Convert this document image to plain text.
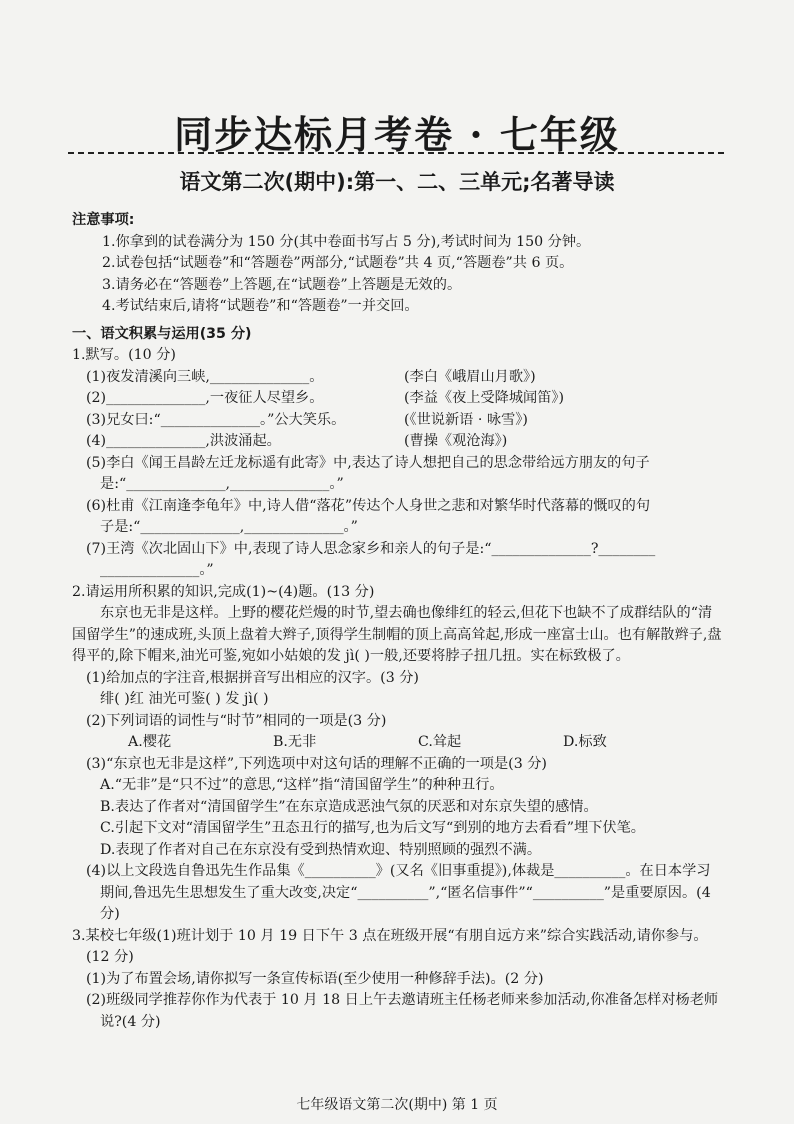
同步达标月考卷 · 七年级
语文第二次(期中):第一、二、三单元;名著导读
注意事项:
1.你拿到的试卷满分为 150 分(其中卷面书写占 5 分),考试时间为 150 分钟。
2.试卷包括“试题卷”和“答题卷”两部分,“试题卷”共 4 页,“答题卷”共 6 页。
3.请务必在“答题卷”上答题,在“试题卷”上答题是无效的。
4.考试结束后,请将“试题卷”和“答题卷”一并交回。
一、语文积累与运用(35 分)
1.默写。(10 分)
(1)夜发清溪向三峡,______________。	(李白《峨眉山月歌》)
(2)______________,一夜征人尽望乡。	(李益《夜上受降城闻笛》)
(3)兄女曰:“______________。”公大笑乐。	(《世说新语 · 咏雪》)
(4)______________,洪波涌起。	(曹操《观沧海》)
(5)李白《闻王昌龄左迁龙标遥有此寄》中,表达了诗人想把自己的思念带给远方朋友的句子
是:“______________,______________。”
(6)杜甫《江南逢李龟年》中,诗人借“落花”传达个人身世之悲和对繁华时代落幕的慨叹的句
子是:“______________,______________。”
(7)王湾《次北固山下》中,表现了诗人思念家乡和亲人的句子是:“______________?________
______________。”
2.请运用所积累的知识,完成(1)~(4)题。(13 分)
东京也无非是这样。上野的樱花烂熳的时节,望去确也像绯红的轻云,但花下也缺不了成群结队的“清国留学生”的速成班,头顶上盘着大辫子,顶得学生制帽的顶上高高耸起,形成一座富士山。也有解散辫子,盘得平的,除下帽来,油光可鉴,宛如小姑娘的发 jì( )一般,还要将脖子扭几扭。实在标致极了。
(1)给加点的字注音,根据拼音写出相应的汉字。(3 分)
绯( )红 油光可鉴( ) 发 jì( )
(2)下列词语的词性与“时节”相同的一项是(3 分)
A.樱花	B.无非	C.耸起	D.标致
(3)“东京也无非是这样”,下列选项中对这句话的理解不正确的一项是(3 分)
A.“无非”是“只不过”的意思,“这样”指“清国留学生”的种种丑行。
B.表达了作者对“清国留学生”在东京造成恶浊气氛的厌恶和对东京失望的感情。
C.引起下文对“清国留学生”丑态丑行的描写,也为后文写“到别的地方去看看”埋下伏笔。
D.表现了作者对自己在东京没有受到热情欢迎、特别照顾的强烈不满。
(4)以上文段选自鲁迅先生作品集《__________》(又名《旧事重提》),体裁是__________。在日本学习期间,鲁迅先生思想发生了重大改变,决定“__________”,“匿名信事件”“__________”是重要原因。(4 分)
3.某校七年级(1)班计划于 10 月 19 日下午 3 点在班级开展“有朋自远方来”综合实践活动,请你参与。(12 分)
(1)为了布置会场,请你拟写一条宣传标语(至少使用一种修辞手法)。(2 分)
(2)班级同学推荐你作为代表于 10 月 18 日上午去邀请班主任杨老师来参加活动,你准备怎样对杨老师说?(4 分)
七年级语文第二次(期中) 第 1 页
